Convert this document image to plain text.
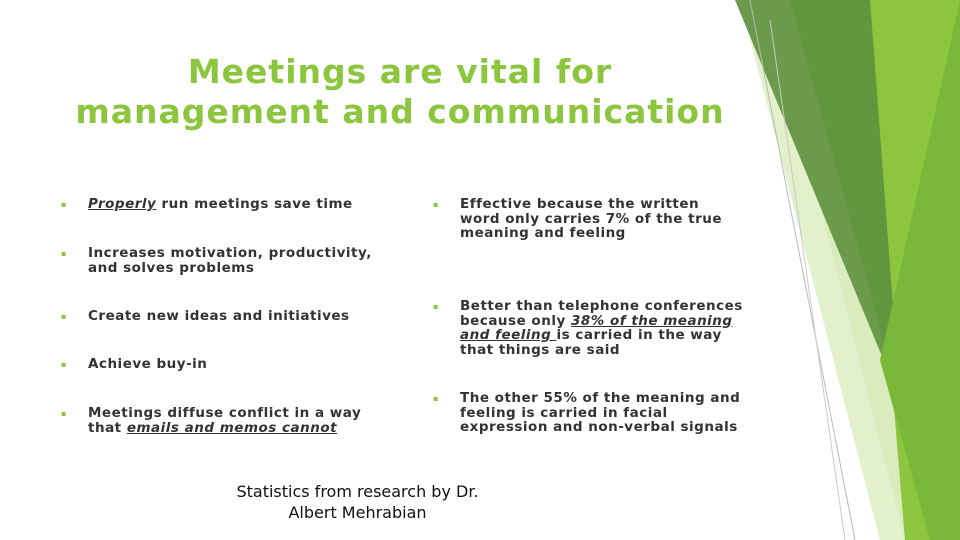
Meetings are vital for
management and communication
▪ Properly run meetings save time
▪ Increases motivation, productivity, and solves problems
▪ Create new ideas and initiatives
▪ Achieve buy-in
▪ Meetings diffuse conflict in a way that emails and memos cannot
▪ Effective because the written word only carries 7% of the true meaning and feeling
▪ Better than telephone conferences because only 38% of the meaning and feeling is carried in the way that things are said
▪ The other 55% of the meaning and feeling is carried in facial expression and non-verbal signals
Statistics from research by Dr.
Albert Mehrabian
